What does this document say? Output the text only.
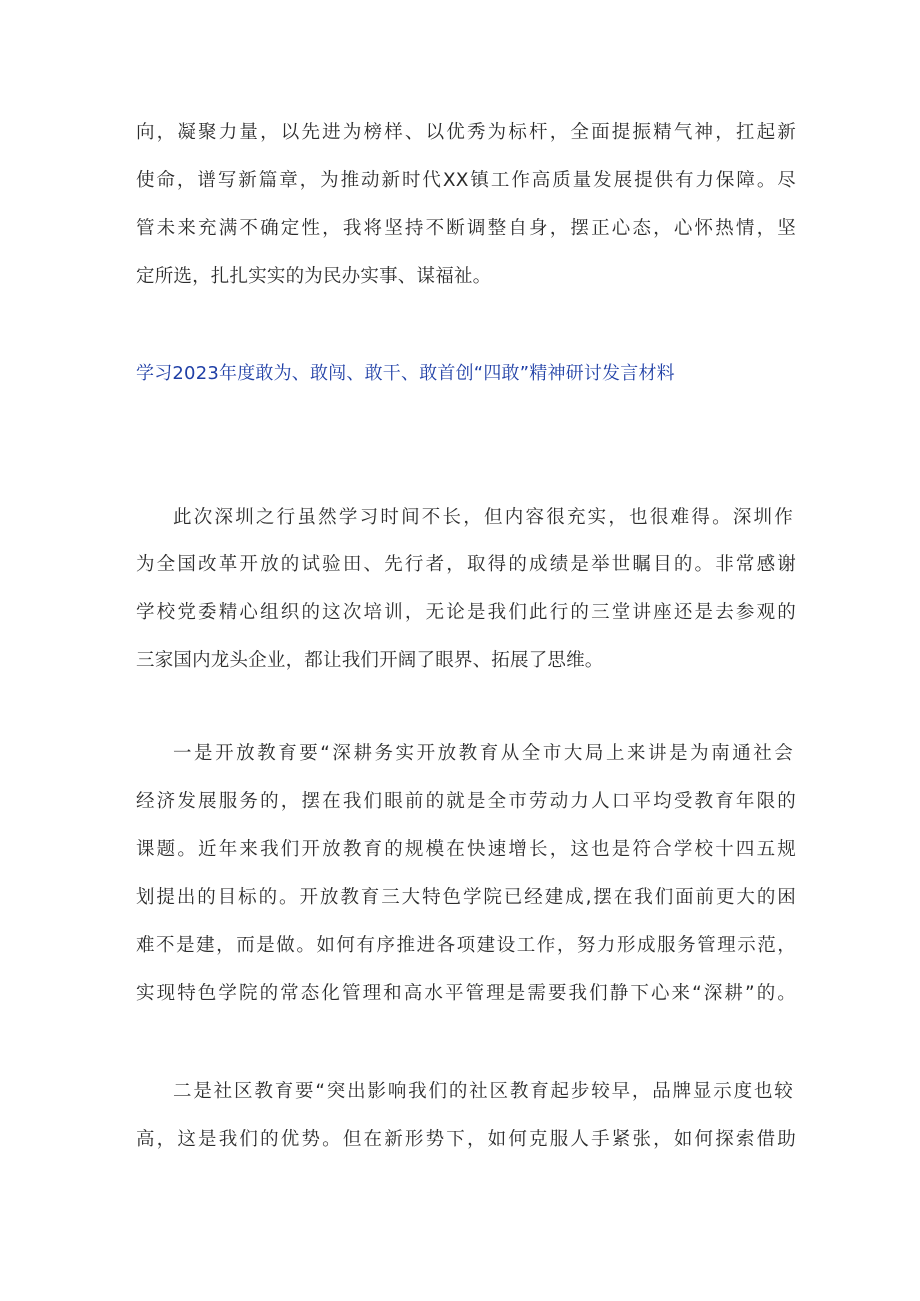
向，凝聚力量，以先进为榜样、以优秀为标杆，全面提振精气神，扛起新
使命，谱写新篇章，为推动新时代XX镇工作高质量发展提供有力保障。尽
管未来充满不确定性，我将坚持不断调整自身，摆正心态，心怀热情，坚
定所选，扎扎实实的为民办实事、谋福祉。
学习2023年度敢为、敢闯、敢干、敢首创“四敢”精神研讨发言材料
此次深圳之行虽然学习时间不长，但内容很充实，也很难得。深圳作
为全国改革开放的试验田、先行者，取得的成绩是举世瞩目的。非常感谢
学校党委精心组织的这次培训，无论是我们此行的三堂讲座还是去参观的
三家国内龙头企业，都让我们开阔了眼界、拓展了思维。
一是开放教育要“深耕务实开放教育从全市大局上来讲是为南通社会
经济发展服务的，摆在我们眼前的就是全市劳动力人口平均受教育年限的
课题。近年来我们开放教育的规模在快速增长，这也是符合学校十四五规
划提出的目标的。开放教育三大特色学院已经建成,摆在我们面前更大的困
难不是建，而是做。如何有序推进各项建设工作，努力形成服务管理示范，
实现特色学院的常态化管理和高水平管理是需要我们静下心来“深耕”的。
二是社区教育要“突出影响我们的社区教育起步较早，品牌显示度也较
高，这是我们的优势。但在新形势下，如何克服人手紧张，如何探索借助
